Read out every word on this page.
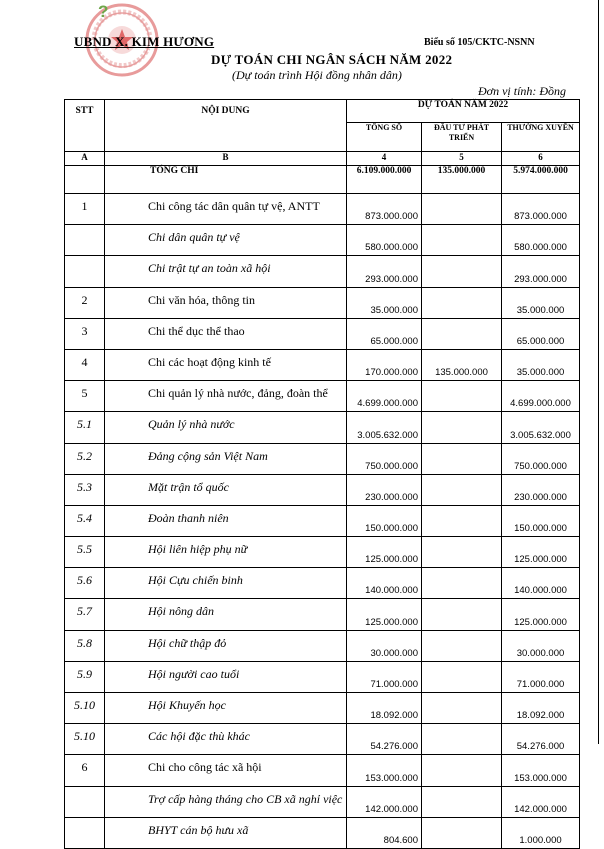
?
UBND X. KIM HƯƠNG	Biểu số 105/CKTC-NSNN
DỰ TOÁN CHI NGÂN SÁCH NĂM 2022
(Dự toán trình Hội đồng nhân dân)
Đơn vị tính: Đồng
STT	NỘI DUNG	DỰ TOÁN NĂM 2022		
		TỔNG SỐ	ĐẦU TƯ PHÁT TRIỂN	THƯỜNG XUYÊN
A	B	4	5	6
	TỔNG CHI	6.109.000.000	135.000.000	5.974.000.000
1	Chi công tác dân quân tự vệ, ANTT	873.000.000		873.000.000

	Chi dân quân tự vệ	580.000.000		580.000.000

	Chi trật tự an toàn xã hội	293.000.000		293.000.000
2	Chi văn hóa, thông tin	35.000.000		35.000.000
3	Chi thể dục thể thao	65.000.000		65.000.000
4	Chi các hoạt động kinh tế	170.000.000	135.000.000	35.000.000
5	Chi quản lý nhà nước, đảng, đoàn thể	4.699.000.000		4.699.000.000
5.1	Quản lý nhà nước	3.005.632.000		3.005.632.000
5.2	Đảng cộng sản Việt Nam	750.000.000		750.000.000
5.3	Mặt trận tổ quốc	230.000.000		230.000.000
5.4	Đoàn thanh niên	150.000.000		150.000.000
5.5	Hội liên hiệp phụ nữ	125.000.000		125.000.000
5.6	Hội Cựu chiến binh	140.000.000		140.000.000
5.7	Hội nông dân	125.000.000		125.000.000
5.8	Hội chữ thập đỏ	30.000.000		30.000.000
5.9	Hội người cao tuổi	71.000.000		71.000.000
5.10	Hội Khuyến học	18.092.000		18.092.000
5.10	Các hội đặc thù khác	54.276.000		54.276.000
6	Chi cho công tác xã hội	153.000.000		153.000.000

	Trợ cấp hàng tháng cho CB xã nghỉ việc	142.000.000		142.000.000

	BHYT cán bộ hưu xã	804.600		1.000.000
